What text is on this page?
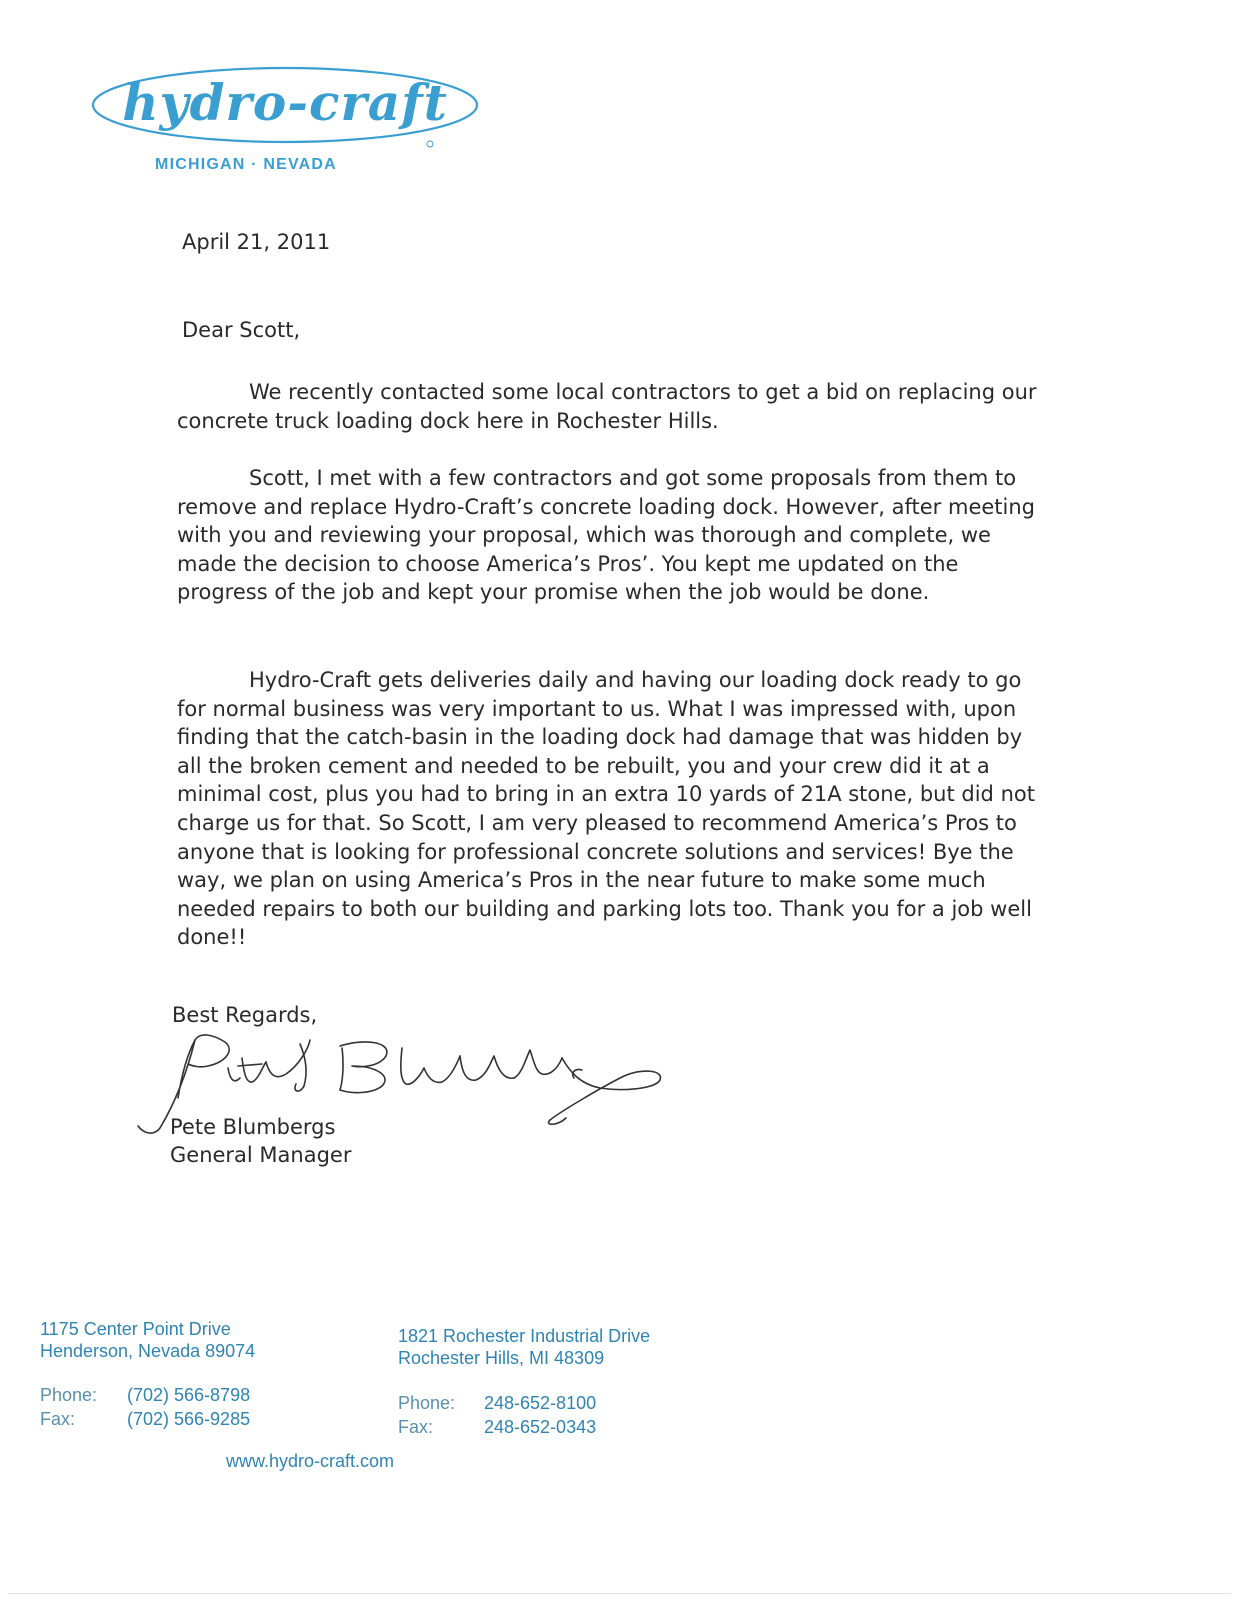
hydro-craft
MICHIGAN · NEVADA
April 21, 2011
Dear Scott,

We recently contacted some local contractors to get a bid on replacing our concrete truck loading dock here in Rochester Hills.

Scott, I met with a few contractors and got some proposals from them to remove and replace Hydro-Craft’s concrete loading dock. However, after meeting with you and reviewing your proposal, which was thorough and complete, we made the decision to choose America’s Pros’. You kept me updated on the progress of the job and kept your promise when the job would be done.

Hydro-Craft gets deliveries daily and having our loading dock ready to go for normal business was very important to us. What I was impressed with, upon finding that the catch-basin in the loading dock had damage that was hidden by all the broken cement and needed to be rebuilt, you and your crew did it at a minimal cost, plus you had to bring in an extra 10 yards of 21A stone, but did not charge us for that. So Scott, I am very pleased to recommend America’s Pros to anyone that is looking for professional concrete solutions and services! Bye the way, we plan on using America’s Pros in the near future to make some much needed repairs to both our building and parking lots too. Thank you for a job well done!!

Best Regards,
Pete Blumbergs
General Manager
1175 Center Point Drive
Henderson, Nevada 89074
Phone: (702) 566-8798
Fax:	(702) 566-9285
1821 Rochester Industrial Drive
Rochester Hills, MI 48309
Phone: 248-652-8100
Fax:	248-652-0343
www.hydro-craft.com
